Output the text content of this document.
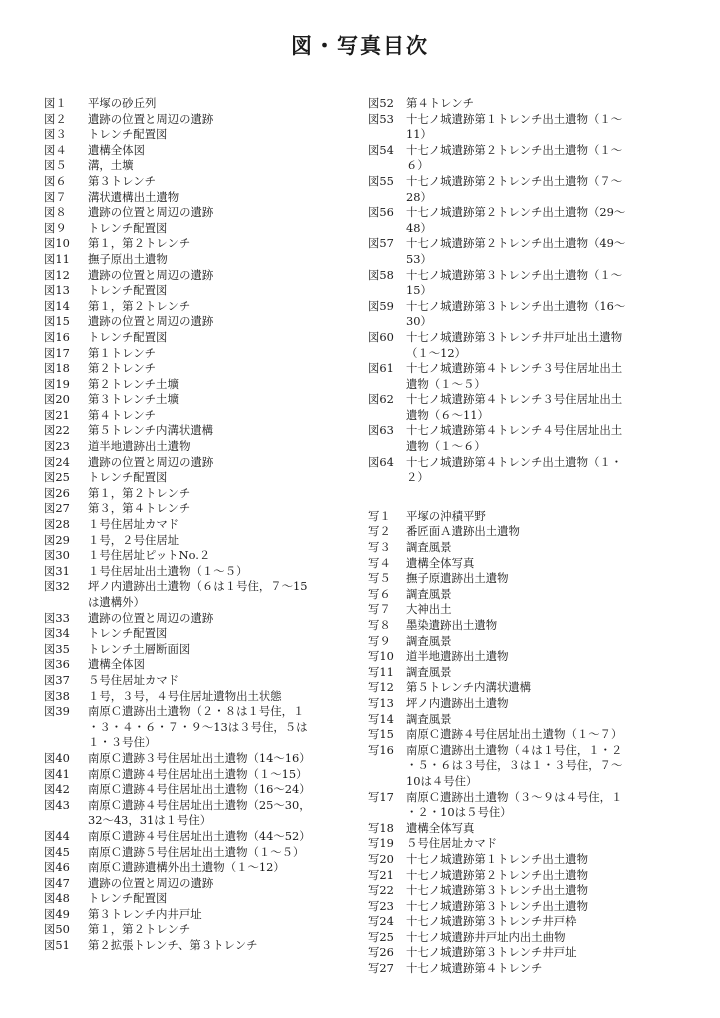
図・写真目次
図１	平塚の砂丘列
図２	遺跡の位置と周辺の遺跡
図３	トレンチ配置図
図４	遺構全体図
図５	溝，土壙
図６	第３トレンチ
図７	溝状遺構出土遺物
図８	遺跡の位置と周辺の遺跡
図９	トレンチ配置図
図10	第１，第２トレンチ
図11	撫子原出土遺物
図12	遺跡の位置と周辺の遺跡
図13	トレンチ配置図
図14	第１，第２トレンチ
図15	遺跡の位置と周辺の遺跡
図16	トレンチ配置図
図17	第１トレンチ
図18	第２トレンチ
図19	第２トレンチ土壙
図20	第３トレンチ土壙
図21	第４トレンチ
図22	第５トレンチ内溝状遺構
図23	道半地遺跡出土遺物
図24	遺跡の位置と周辺の遺跡
図25	トレンチ配置図
図26	第１，第２トレンチ
図27	第３，第４トレンチ
図28	１号住居址カマド
図29	１号，２号住居址
図30	１号住居址ピットNo.２
図31	１号住居址出土遺物（１～５）
図32	坪ノ内遺跡出土遺物（６は１号住，７～15
は遺構外）
図33	遺跡の位置と周辺の遺跡
図34	トレンチ配置図
図35	トレンチ土層断面図
図36	遺構全体図
図37	５号住居址カマド
図38	１号，３号，４号住居址遺物出土状態
図39	南原Ｃ遺跡出土遺物（２・８は１号住，１
・３・４・６・７・９～13は３号住，５は
１・３号住）
図40	南原Ｃ遺跡３号住居址出土遺物（14～16）
図41	南原Ｃ遺跡４号住居址出土遺物（１～15）
図42	南原Ｃ遺跡４号住居址出土遺物（16～24）
図43	南原Ｃ遺跡４号住居址出土遺物（25～30，
32～43，31は１号住）
図44	南原Ｃ遺跡４号住居址出土遺物（44～52）
図45	南原Ｃ遺跡５号住居址出土遺物（１～５）
図46	南原Ｃ遺跡遺構外出土遺物（１～12）
図47	遺跡の位置と周辺の遺跡
図48	トレンチ配置図
図49	第３トレンチ内井戸址
図50	第１，第２トレンチ
図51	第２拡張トレンチ、第３トレンチ
図52	第４トレンチ
図53	十七ノ城遺跡第１トレンチ出土遺物（１～
11）
図54	十七ノ城遺跡第２トレンチ出土遺物（１～
６）
図55	十七ノ城遺跡第２トレンチ出土遺物（７～
28）
図56	十七ノ城遺跡第２トレンチ出土遺物（29～
48）
図57	十七ノ城遺跡第２トレンチ出土遺物（49～
53）
図58	十七ノ城遺跡第３トレンチ出土遺物（１～
15）
図59	十七ノ城遺跡第３トレンチ出土遺物（16～
30）
図60	十七ノ城遺跡第３トレンチ井戸址出土遺物
（１～12）
図61	十七ノ城遺跡第４トレンチ３号住居址出土
遺物（１～５）
図62	十七ノ城遺跡第４トレンチ３号住居址出土
遺物（６～11）
図63	十七ノ城遺跡第４トレンチ４号住居址出土
遺物（１～６）
図64	十七ノ城遺跡第４トレンチ出土遺物（１・
２）
写１	平塚の沖積平野
写２	番匠面Ａ遺跡出土遺物
写３	調査風景
写４	遺構全体写真
写５	撫子原遺跡出土遺物
写６	調査風景
写７	大神出土
写８	墨染遺跡出土遺物
写９	調査風景
写10	道半地遺跡出土遺物
写11	調査風景
写12	第５トレンチ内溝状遺構
写13	坪ノ内遺跡出土遺物
写14	調査風景
写15	南原Ｃ遺跡４号住居址出土遺物（１～７）
写16	南原Ｃ遺跡出土遺物（４は１号住，１・２
・５・６は３号住，３は１・３号住，７～
10は４号住）
写17	南原Ｃ遺跡出土遺物（３～９は４号住，１
・２・10は５号住）
写18	遺構全体写真
写19	５号住居址カマド
写20	十七ノ城遺跡第１トレンチ出土遺物
写21	十七ノ城遺跡第２トレンチ出土遺物
写22	十七ノ城遺跡第３トレンチ出土遺物
写23	十七ノ城遺跡第３トレンチ出土遺物
写24	十七ノ城遺跡第３トレンチ井戸枠
写25	十七ノ城遺跡井戸址内出土曲物
写26	十七ノ城遺跡第３トレンチ井戸址
写27	十七ノ城遺跡第４トレンチ
